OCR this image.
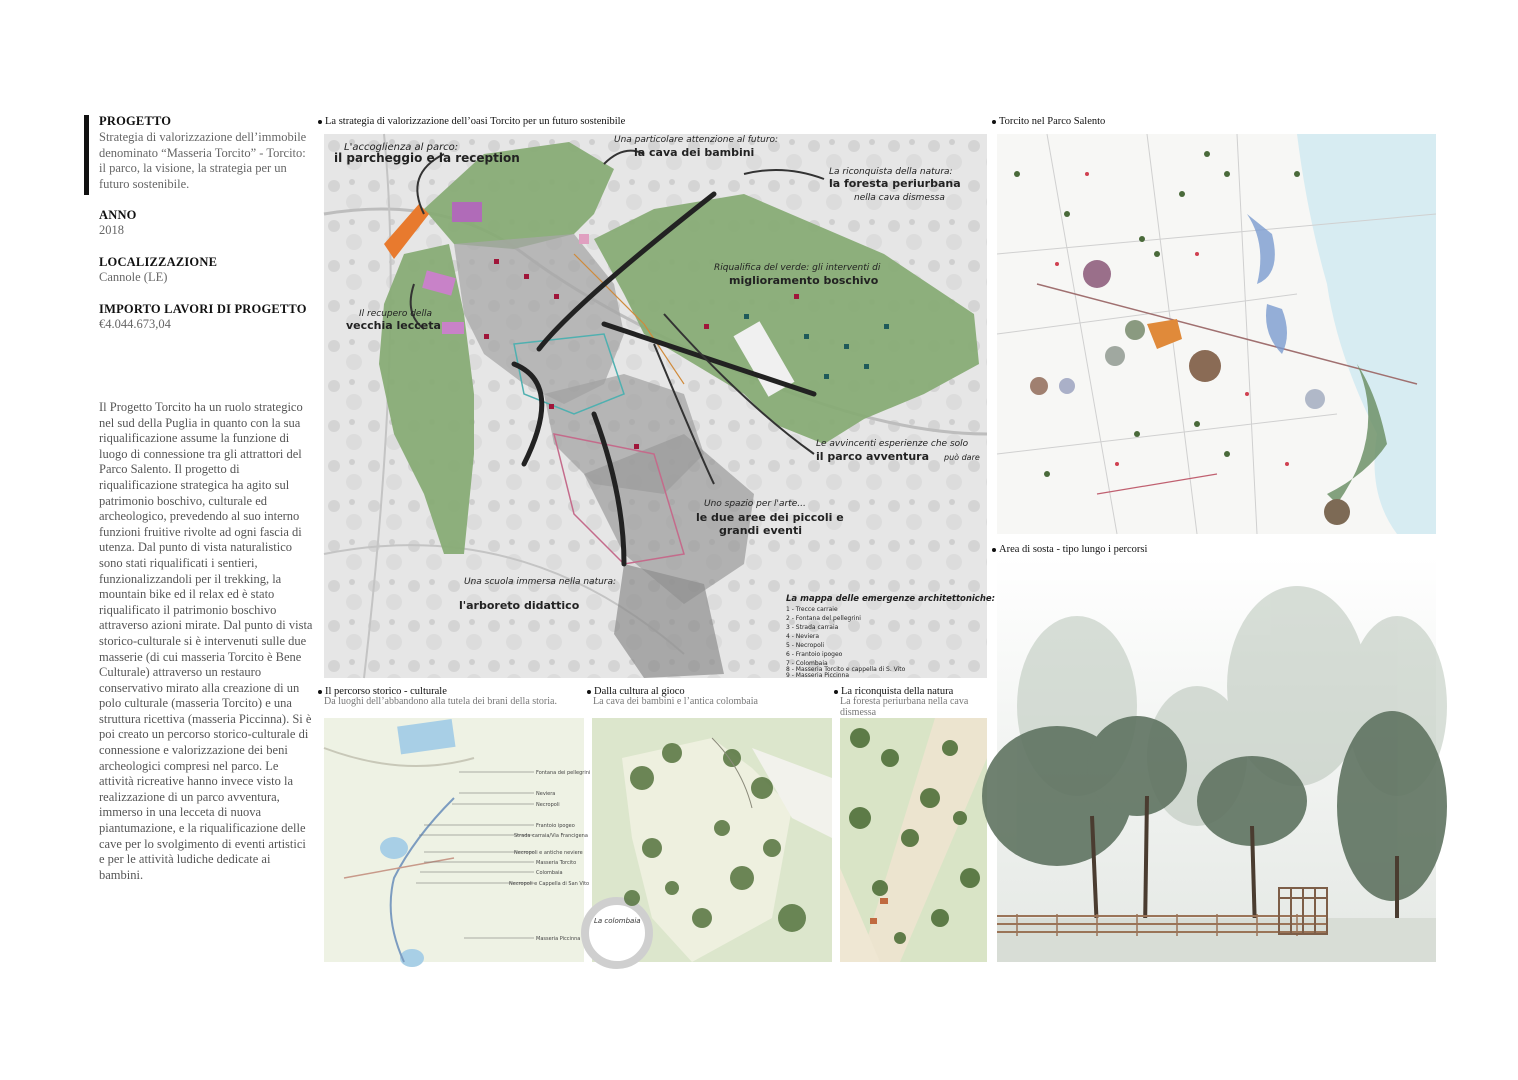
PROGETTO
Strategia di valorizzazione dell’immobile denominato “Masseria Torcito” - Torcito: il parco, la visione, la strategia per un futuro sostenibile.
ANNO
2018
LOCALIZZAZIONE
Cannole (LE)
IMPORTO LAVORI DI PROGETTO
€4.044.673,04
Il Progetto Torcito ha un ruolo strategico nel sud della Puglia in quanto con la sua riqualificazione assume la funzione di luogo di connessione tra gli attrattori del Parco Salento. Il progetto di riqualificazione strategica ha agito sul patrimonio boschivo, culturale ed archeologico, prevedendo al suo interno funzioni fruitive rivolte ad ogni fascia di utenza. Dal punto di vista naturalistico sono stati riqualificati i sentieri, funzionalizzandoli per il trekking, la mountain bike ed il relax ed è stato riqualificato il patrimonio boschivo attraverso azioni mirate. Dal punto di vista storico-culturale si è intervenuti sulle due masserie (di cui masseria Torcito è Bene Culturale) attraverso un restauro conservativo mirato alla creazione di un polo culturale (masseria Torcito) e una struttura ricettiva (masseria Piccinna). Si è poi creato un percorso storico-culturale di connessione e valorizzazione dei beni archeologici compresi nel parco. Le attività ricreative hanno invece visto la realizzazione di un parco avventura, immerso in una lecceta di nuova piantumazione, e la riqualificazione delle cave per lo svolgimento di eventi artistici e per le attività ludiche dedicate ai bambini.
La strategia di valorizzazione dell’oasi Torcito per un futuro sostenibile	Torcito nel Parco Salento
Area di sosta - tipo lungo i percorsi
Il percorso storico - culturale
Da luoghi dell’abbandono alla tutela dei brani della storia.
Dalla cultura al gioco
La cava dei bambini e l’antica colombaia
La riconquista della natura
La foresta periurbana nella cava dismessa
L'accoglienza al parco:
il parcheggio e la reception
Una particolare attenzione al futuro:
la cava dei bambini
La riconquista della natura:
la foresta periurbana
nella cava dismessa
Riqualifica del verde: gli interventi di
miglioramento boschivo
Il recupero della
vecchia lecceta
Le avvincenti esperienze che solo
il parco avventura può dare
Uno spazio per l'arte...
le due aree dei piccoli e
grandi eventi
Una scuola immersa nella natura:
l'arboreto didattico	La mappa delle emergenze architettoniche:
1 - Trecce carraie
2 - Fontana del pellegrini
3 - Strada carraia
4 - Neviera
5 - Necropoli
6 - Frantoio ipogeo
7 - Colombaia
8 - Masseria Torcito e cappella di S. Vito
9 - Masseria Piccinna
Fontana dei pellegrini
Neviera
Necropoli
Frantoio ipogeo
Strada carraia/Via Francigena
Necropoli e antiche neviere
Masseria Torcito
Colombaia
Necropoli e Cappella di San Vito
Masseria Piccinna
La colombaia
